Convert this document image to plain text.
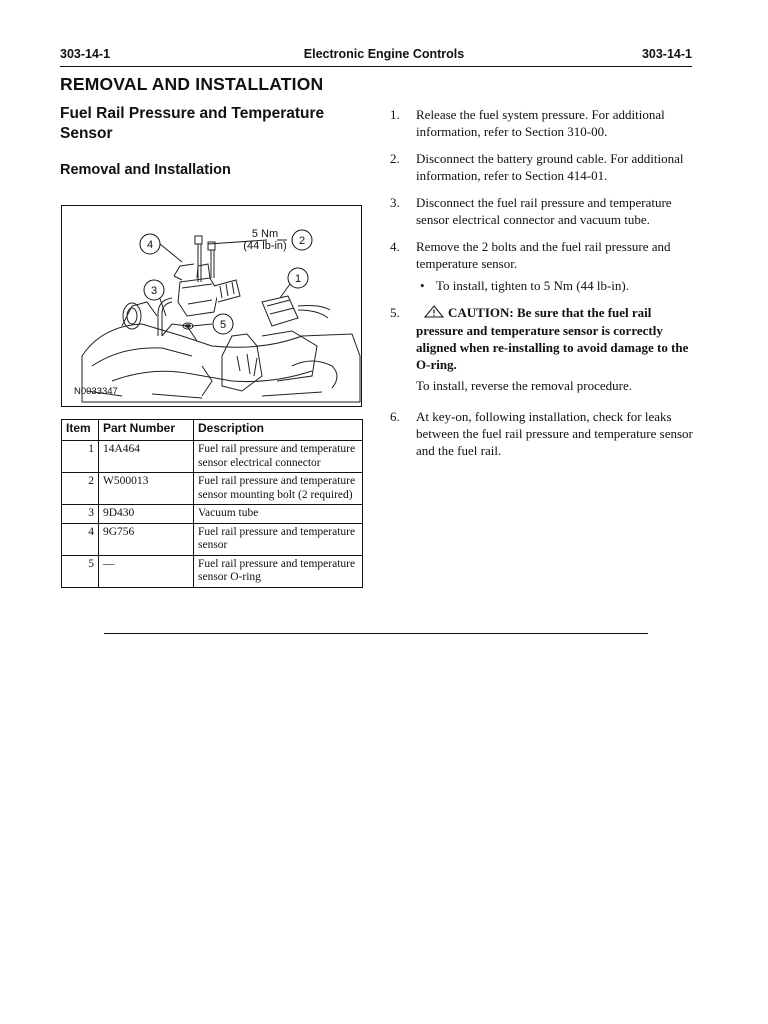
303-14-1	Electronic Engine Controls	303-14-1
REMOVAL AND INSTALLATION
Fuel Rail Pressure and Temperature Sensor
Removal and Installation
4	2
1
3
5
5 Nm
(44 lb-in)
N0033347
Item	Part Number	Description
1	14A464	Fuel rail pressure and temperature sensor electrical connector
2	W500013	Fuel rail pressure and temperature sensor mounting bolt (2 required)
3	9D430	Vacuum tube
4	9G756	Fuel rail pressure and temperature sensor
5	—	Fuel rail pressure and temperature sensor O-ring
1. Release the fuel system pressure. For additional information, refer to Section 310-00.
2. Disconnect the battery ground cable. For additional information, refer to Section 414-01.
3. Disconnect the fuel rail pressure and temperature sensor electrical connector and vacuum tube.
4. Remove the 2 bolts and the fuel rail pressure and temperature sensor.
• To install, tighten to 5 Nm (44 lb-in).
5.	CAUTION: Be sure that the fuel rail pressure and temperature sensor is correctly aligned when re-installing to avoid damage to the O-ring.
To install, reverse the removal procedure.
6. At key-on, following installation, check for leaks between the fuel rail pressure and temperature sensor and the fuel rail.
